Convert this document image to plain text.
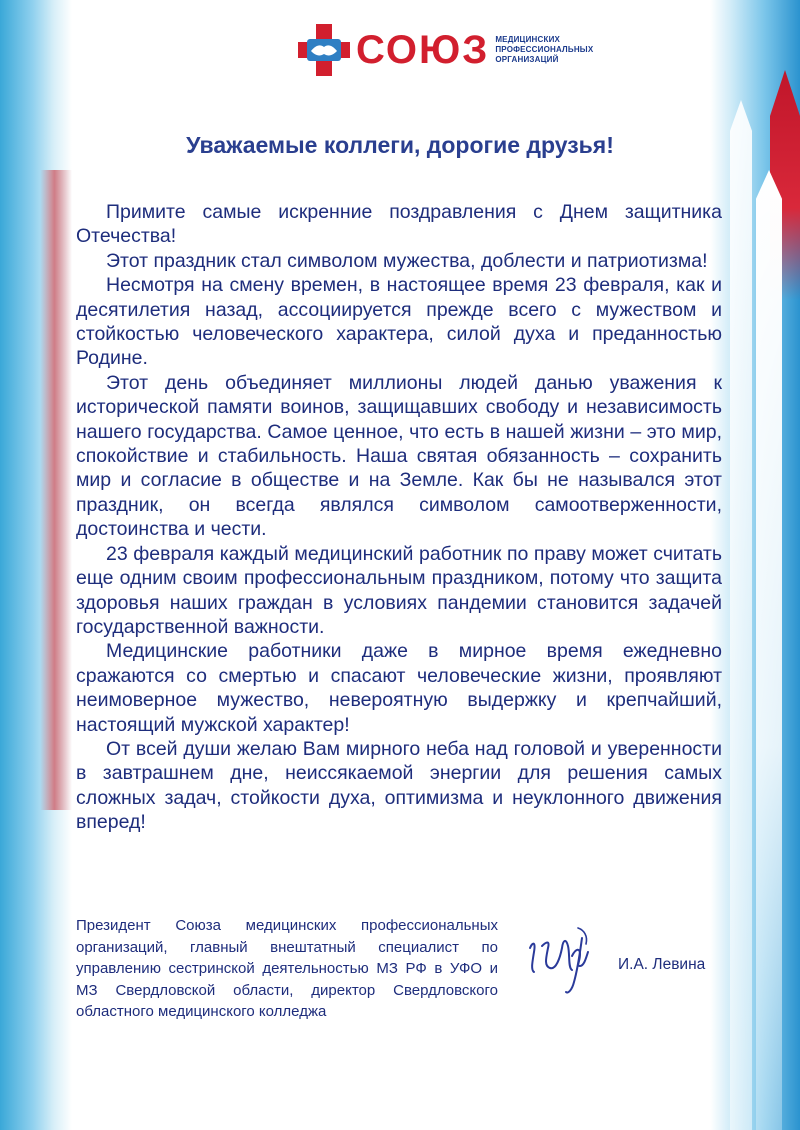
СОЮЗ МЕДИЦИНСКИХ
ПРОФЕССИОНАЛЬНЫХ
ОРГАНИЗАЦИЙ
Уважаемые коллеги, дорогие друзья!

Примите самые искренние поздравления с Днем защитника Отечества!

Этот праздник стал символом мужества, доблести и патриотизма!

Несмотря на смену времен, в настоящее время 23 февраля, как и десятилетия назад, ассоциируется прежде всего с мужеством и стойкостью человеческого характера, силой духа и преданностью Родине.

Этот день объединяет миллионы людей данью уважения к исторической памяти воинов, защищавших свободу и независимость нашего государства. Самое ценное, что есть в нашей жизни – это мир, спокойствие и стабильность. Наша святая обязанность – сохранить мир и согласие в обществе и на Земле. Как бы не назывался этот праздник, он всегда являлся символом самоотверженности, достоинства и чести.

23 февраля каждый медицинский работник по праву может считать еще одним своим профессиональным праздником, потому что защита здоровья наших граждан в условиях пандемии становится задачей государственной важности.

Медицинские работники даже в мирное время ежедневно сражаются со смертью и спасают человеческие жизни, проявляют неимоверное мужество, невероятную выдержку и крепчайший, настоящий мужской характер!

От всей души желаю Вам мирного неба над головой и уверенности в завтрашнем дне, неиссякаемой энергии для решения самых сложных задач, стойкости духа, оптимизма и неуклонного движения вперед!

Президент Союза медицинских профессиональных организаций, главный внештатный специалист по управлению сестринской деятельностью МЗ РФ в УФО и МЗ Свердловской области, директор Свердловского областного медицинского колледжа
И.А. Левина
